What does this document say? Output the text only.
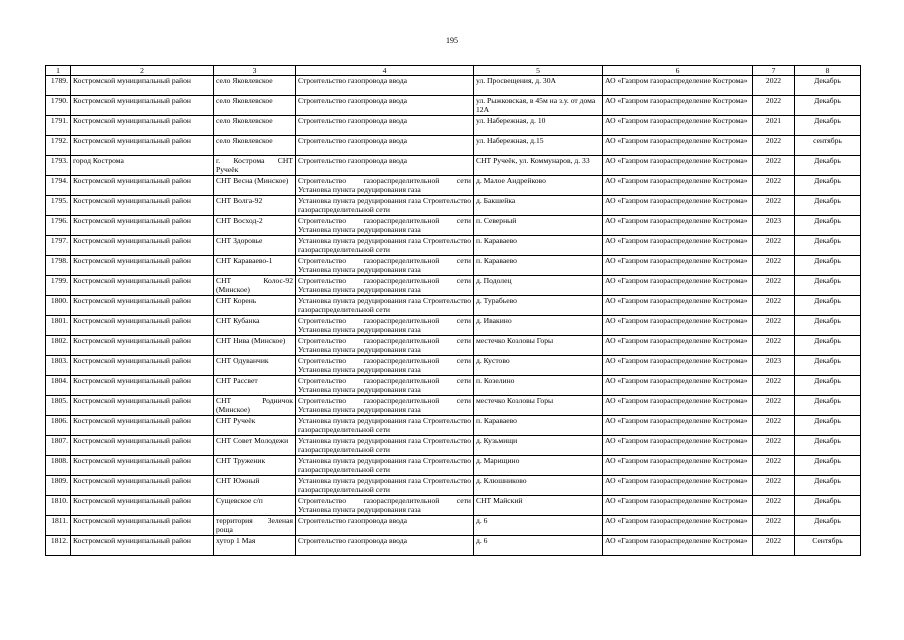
195
1	2	3	4	5	6	7	8
1789.	Костромской муниципальный район	село Яковлевское	Строительство газопровода ввода	ул. Просвещения, д. 30А	АО «Газпром газораспределение Кострома»	2022	Декабрь
1790.	Костромской муниципальный район	село Яковлевское	Строительство газопровода ввода	ул. Рыжковская, в 45м на з.у. от дома 12А	АО «Газпром газораспределение Кострома»	2022	Декабрь
1791.	Костромской муниципальный район	село Яковлевское	Строительство газопровода ввода	ул. Набережная, д. 10	АО «Газпром газораспределение Кострома»	2021	Декабрь
1792.	Костромской муниципальный район	село Яковлевское	Строительство газопровода ввода	ул. Набережная, д.15	АО «Газпром газораспределение Кострома»	2022	сентябрь
1793.	город Кострома	г. Кострома СНТ Ручеёк	Строительство газопровода ввода	СНТ Ручеёк, ул. Коммунаров, д. 33	АО «Газпром газораспределение Кострома»	2022	Декабрь
1794.	Костромской муниципальный район	СНТ Весна (Минское)	Строительство газораспределительной сети Установка пункта редуцирования газа	д. Малое Андрейково	АО «Газпром газораспределение Кострома»	2022	Декабрь
1795.	Костромской муниципальный район	СНТ Волга-92	Установка пункта редуцирования газа Строительство газораспределительной сети	д. Бакшейка	АО «Газпром газораспределение Кострома»	2022	Декабрь
1796.	Костромской муниципальный район	СНТ Восход-2	Строительство газораспределительной сети Установка пункта редуцирования газа	п. Северный	АО «Газпром газораспределение Кострома»	2023	Декабрь
1797.	Костромской муниципальный район	СНТ Здоровье	Установка пункта редуцирования газа Строительство газораспределительной сети	п. Караваево	АО «Газпром газораспределение Кострома»	2022	Декабрь
1798.	Костромской муниципальный район	СНТ Караваево-1	Строительство газораспределительной сети Установка пункта редуцирования газа	п. Караваево	АО «Газпром газораспределение Кострома»	2022	Декабрь
1799.	Костромской муниципальный район	СНТ Колос-92 (Минское)	Строительство газораспределительной сети Установка пункта редуцирования газа	д. Подолец	АО «Газпром газораспределение Кострома»	2022	Декабрь
1800.	Костромской муниципальный район	СНТ Корень	Установка пункта редуцирования газа Строительство газораспределительной сети	д. Турабьево	АО «Газпром газораспределение Кострома»	2022	Декабрь
1801.	Костромской муниципальный район	СНТ Кубанка	Строительство газораспределительной сети Установка пункта редуцирования газа	д. Ивакино	АО «Газпром газораспределение Кострома»	2022	Декабрь
1802.	Костромской муниципальный район	СНТ Нива (Минское)	Строительство газораспределительной сети Установка пункта редуцирования газа	местечко Козловы Горы	АО «Газпром газораспределение Кострома»	2022	Декабрь
1803.	Костромской муниципальный район	СНТ Одуванчик	Строительство газораспределительной сети Установка пункта редуцирования газа	д. Кустово	АО «Газпром газораспределение Кострома»	2023	Декабрь
1804.	Костромской муниципальный район	СНТ Рассвет	Строительство газораспределительной сети Установка пункта редуцирования газа	п. Козелино	АО «Газпром газораспределение Кострома»	2022	Декабрь
1805.	Костромской муниципальный район	СНТ Родничок (Минское)	Строительство газораспределительной сети Установка пункта редуцирования газа	местечко Козловы Горы	АО «Газпром газораспределение Кострома»	2022	Декабрь
1806.	Костромской муниципальный район	СНТ Ручеёк	Установка пункта редуцирования газа Строительство газораспределительной сети	п. Караваево	АО «Газпром газораспределение Кострома»	2022	Декабрь
1807.	Костромской муниципальный район	СНТ Совет Молодежи	Установка пункта редуцирования газа Строительство газораспределительной сети	д. Кузьмищи	АО «Газпром газораспределение Кострома»	2022	Декабрь
1808.	Костромской муниципальный район	СНТ Труженик	Установка пункта редуцирования газа Строительство газораспределительной сети	д. Марищино	АО «Газпром газораспределение Кострома»	2022	Декабрь
1809.	Костромской муниципальный район	СНТ Южный	Установка пункта редуцирования газа Строительство газораспределительной сети	д. Клюшниково	АО «Газпром газораспределение Кострома»	2022	Декабрь
1810.	Костромской муниципальный район	Сущевское с/п	Строительство газораспределительной сети Установка пункта редуцирования газа	СНТ Майский	АО «Газпром газораспределение Кострома»	2022	Декабрь
1811.	Костромской муниципальный район	территория Зеленая роща	Строительство газопровода ввода	д. 6	АО «Газпром газораспределение Кострома»	2022	Декабрь
1812.	Костромской муниципальный район	хутор 1 Мая	Строительство газопровода ввода	д. 6	АО «Газпром газораспределение Кострома»	2022	Сентябрь
